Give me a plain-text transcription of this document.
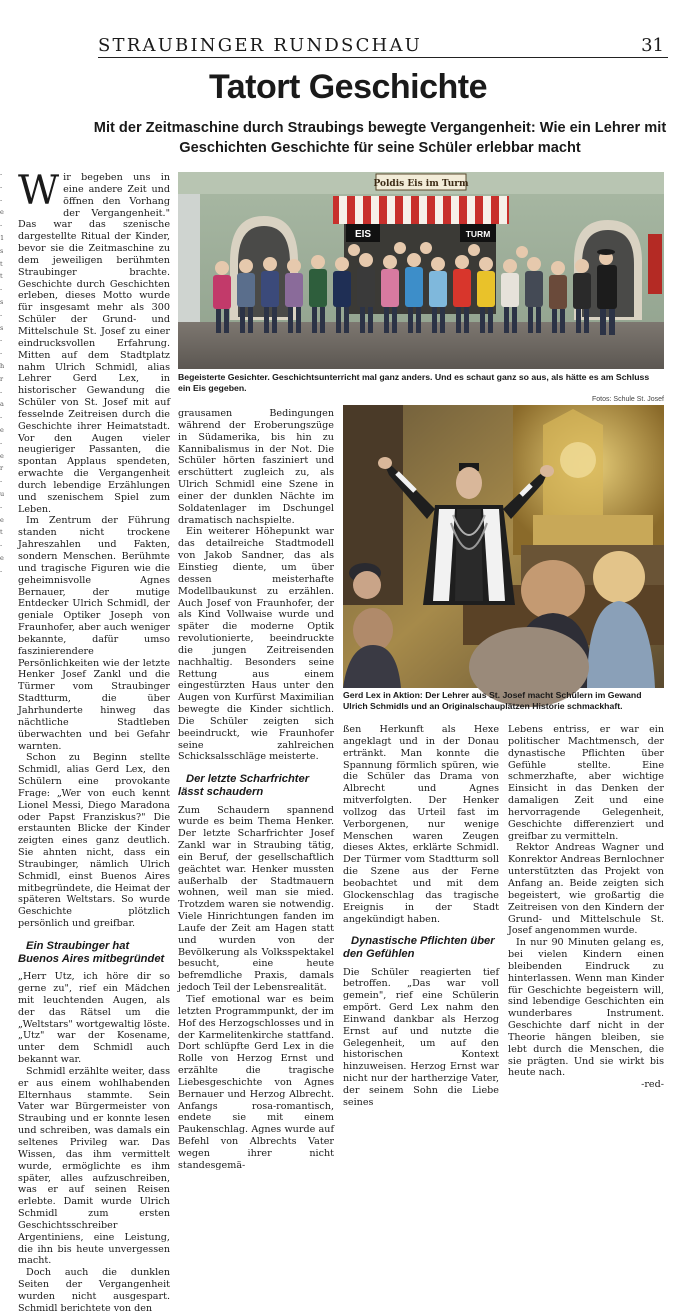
STRAUBINGER RUNDSCHAU	31
Tatort Geschichte
Mit der Zeitmaschine durch Straubings bewegte Vergangenheit: Wie ein Lehrer mit Geschichten Geschichte für seine Schüler erlebbar macht
-
-
-
e
-
1
s
t
t
-
s
-
s
-
-
h
r
-
a
-
e
-
e
r
-
u
-
e
t
-
e
-

Wir begeben uns in eine andere Zeit und öffnen den Vorhang der Vergangenheit." Das war das szenische dargestellte Ritual der Kinder, bevor sie die Zeitmaschine zu dem jeweiligen berühmten Straubinger brachte. Geschichte durch Geschichten erleben, dieses Motto wurde für insgesamt mehr als 300 Schüler der Grund- und Mittelschule St. Josef zu einer eindrucksvollen Erfahrung. Mitten auf dem Stadtplatz nahm Ulrich Schmidl, alias Lehrer Gerd Lex, in historischer Gewandung die Schüler von St. Josef mit auf fesselnde Zeitreisen durch die Geschichte ihrer Heimatstadt. Vor den Augen vieler neugieriger Passanten, die spontan Applaus spendeten, erwachte die Vergangenheit durch lebendige Erzählungen und szenischem Spiel zum Leben.

Im Zentrum der Führung standen nicht trockene Jahreszahlen und Fakten, sondern Menschen. Berühmte und tragische Figuren wie die geheimnisvolle Agnes Bernauer, der mutige Entdecker Ulrich Schmidl, der geniale Optiker Joseph von Fraunhofer, aber auch weniger bekannte, dafür umso faszinierendere Persönlichkeiten wie der letzte Henker Josef Zankl und die Türmer vom Straubinger Stadtturm, die über Jahrhunderte hinweg das nächtliche Stadtleben überwachten und bei Gefahr warnten.

Schon zu Beginn stellte Schmidl, alias Gerd Lex, den Schülern eine provokante Frage: „Wer von euch kennt Lionel Messi, Diego Maradona oder Papst Franziskus?" Die erstaunten Blicke der Kinder zeigten eines ganz deutlich. Sie ahnten nicht, dass ein Straubinger, nämlich Ulrich Schmidl, einst Buenos Aires mitbegründete, die Heimat der späteren Weltstars. So wurde Geschichte plötzlich persönlich und greifbar.

Ein Straubinger hat Buenos Aires mitbegründet

„Herr Utz, ich höre dir so gerne zu", rief ein Mädchen mit leuchtenden Augen, als der das Rätsel um die „Weltstars" wortgewaltig löste. „Utz" war der Kosename, unter dem Schmidl auch bekannt war.

Schmidl erzählte weiter, dass er aus einem wohlhabenden Elternhaus stammte. Sein Vater war Bürgermeister von Straubing und er konnte lesen und schreiben, was damals ein seltenes Privileg war. Das Wissen, das ihm vermittelt wurde, ermöglichte es ihm später, alles aufzuschreiben, was er auf seinen Reisen erlebte. Damit wurde Ulrich Schmidl zum ersten Geschichtsschreiber Argentiniens, eine Leistung, die ihn bis heute unvergessen macht.

Doch auch die dunklen Seiten der Vergangenheit wurden nicht ausgespart. Schmidl berichtete von den

Poldis Eis im Turm
EIS	TURM
Begeisterte Gesichter. Geschichtsunterricht mal ganz anders. Und es schaut ganz so aus, als hätte es am Schluss ein Eis gegeben.
Fotos: Schule St. Josef

grausamen Bedingungen während der Eroberungszüge in Südamerika, bis hin zu Kannibalismus in der Not. Die Schüler hörten fasziniert und erschüttert zugleich zu, als Ulrich Schmidl eine Szene in einer der dunklen Nächte im Soldatenlager im Dschungel dramatisch nachspielte.

Ein weiterer Höhepunkt war das detailreiche Stadtmodell von Jakob Sandner, das als Einstieg diente, um über dessen meisterhafte Modellbaukunst zu erzählen. Auch Josef von Fraunhofer, der als Kind Vollwaise wurde und später die moderne Optik revolutionierte, beeindruckte die jungen Zeitreisenden nachhaltig. Besonders seine Rettung aus einem eingestürzten Haus unter den Augen von Kurfürst Maximilian bewegte die Kinder sichtlich. Die Schüler zeigten sich beeindruckt, wie Fraunhofer seine zahlreichen Schicksalsschläge meisterte.

Der letzte Scharfrichter lässt schaudern

Zum Schaudern spannend wurde es beim Thema Henker. Der letzte Scharfrichter Josef Zankl war in Straubing tätig, ein Beruf, der gesellschaftlich geächtet war. Henker mussten außerhalb der Stadtmauern wohnen, weil man sie mied. Trotzdem waren sie notwendig. Viele Hinrichtungen fanden im Laufe der Zeit am Hagen statt und wurden von der Bevölkerung als Volksspektakel besucht, eine heute befremdliche Praxis, damals jedoch Teil der Lebensrealität.

Tief emotional war es beim letzten Programmpunkt, der im Hof des Herzogschlosses und in der Karmelitenkirche stattfand. Dort schlüpfte Gerd Lex in die Rolle von Herzog Ernst und erzählte die tragische Liebesgeschichte von Agnes Bernauer und Herzog Albrecht. Anfangs rosa-romantisch, endete sie mit einem Paukenschlag. Agnes wurde auf Befehl von Albrechts Vater wegen ihrer nicht standesgemä-

Gerd Lex in Aktion: Der Lehrer aus St. Josef macht Schülern im Gewand Ulrich Schmidls und an Originalschauplätzen Historie schmackhaft.

ßen Herkunft als Hexe angeklagt und in der Donau ertränkt. Man konnte die Spannung förmlich spüren, wie die Schüler das Drama von Albrecht und Agnes mitverfolgten. Der Henker vollzog das Urteil fast im Verborgenen, nur wenige Menschen waren Zeugen dieses Aktes, erklärte Schmidl. Der Türmer vom Stadtturm soll die Szene aus der Ferne beobachtet und mit dem Glockenschlag das tragische Ereignis in der Stadt angekündigt haben.

Dynastische Pflichten über den Gefühlen

Die Schüler reagierten tief betroffen. „Das war voll gemein", rief eine Schülerin empört. Gerd Lex nahm den Einwand dankbar als Herzog Ernst auf und nutzte die Gelegenheit, um auf den historischen Kontext hinzuweisen. Herzog Ernst war nicht nur der hartherzige Vater, der seinem Sohn die Liebe seines

Lebens entriss, er war ein politischer Machtmensch, der dynastische Pflichten über Gefühle stellte. Eine schmerzhafte, aber wichtige Einsicht in das Denken der damaligen Zeit und eine hervorragende Gelegenheit, Geschichte differenziert und greifbar zu vermitteln.

Rektor Andreas Wagner und Konrektor Andreas Bernlochner unterstützten das Projekt von Anfang an. Beide zeigten sich begeistert, wie großartig die Zeitreisen von den Kindern der Grund- und Mittelschule St. Josef angenommen wurde.

In nur 90 Minuten gelang es, bei vielen Kindern einen bleibenden Eindruck zu hinterlassen. Wenn man Kinder für Geschichte begeistern will, sind lebendige Geschichten ein wunderbares Instrument. Geschichte darf nicht in der Theorie hängen bleiben, sie lebt durch die Menschen, die sie prägten. Und sie wirkt bis heute nach.

-red-
